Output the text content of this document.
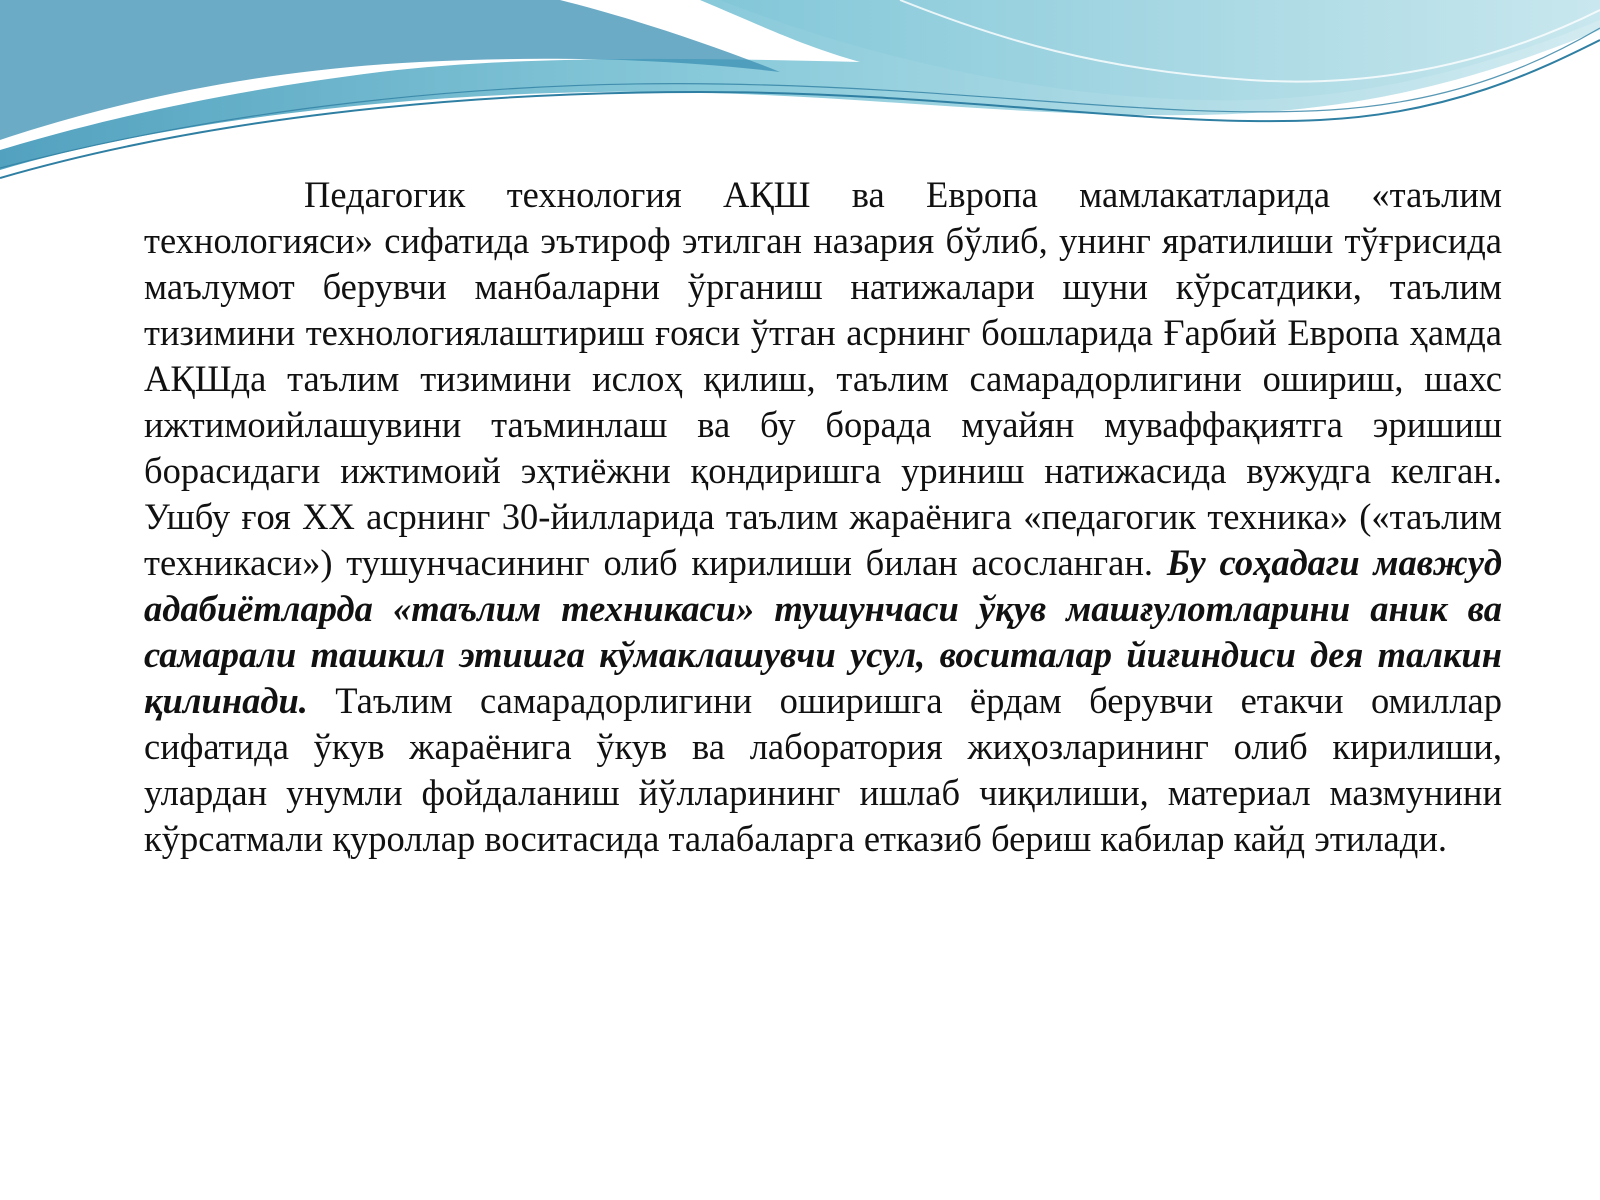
Педагогик технология АҚШ ва Европа мамлакатларида «таълим технологияси» сифатида эътироф этилган назария бўлиб, унинг яратилиши тўғрисида маълумот берувчи манбаларни ўрганиш натижалари шуни кўрсатдики, таълим тизимини технологиялаштириш ғояси ўтган асрнинг бошларида Ғарбий Европа ҳамда АҚШда таълим тизимини ислоҳ қилиш, таълим самарадорлигини ошириш, шахс ижтимоийлашувини таъминлаш ва бу борада муайян муваффақиятга эришиш борасидаги ижтимоий эҳтиёжни қондиришга уриниш натижасида вужудга келган. Ушбу ғоя XX асрнинг 30-йилларида таълим жараёнига «педагогик техника» («таълим техникаси») тушунчасининг олиб кирилиши билан асосланган. Бу соҳадаги мавжуд адабиётларда «таълим техникаси» тушунчаси ўқув машғулотларини аник ва самарали ташкил этишга кўмаклашувчи усул, воситалар йиғиндиси дея талкин қилинади. Таълим самарадорлигини оширишга ёрдам берувчи етакчи омиллар сифатида ўкув жараёнига ўкув ва лаборатория жиҳозларининг олиб кирилиши, улардан унумли фойдаланиш йўлларининг ишлаб чиқилиши, материал мазмунини кўрсатмали қуроллар воситасида талабаларга етказиб бериш кабилар кайд этилади.
